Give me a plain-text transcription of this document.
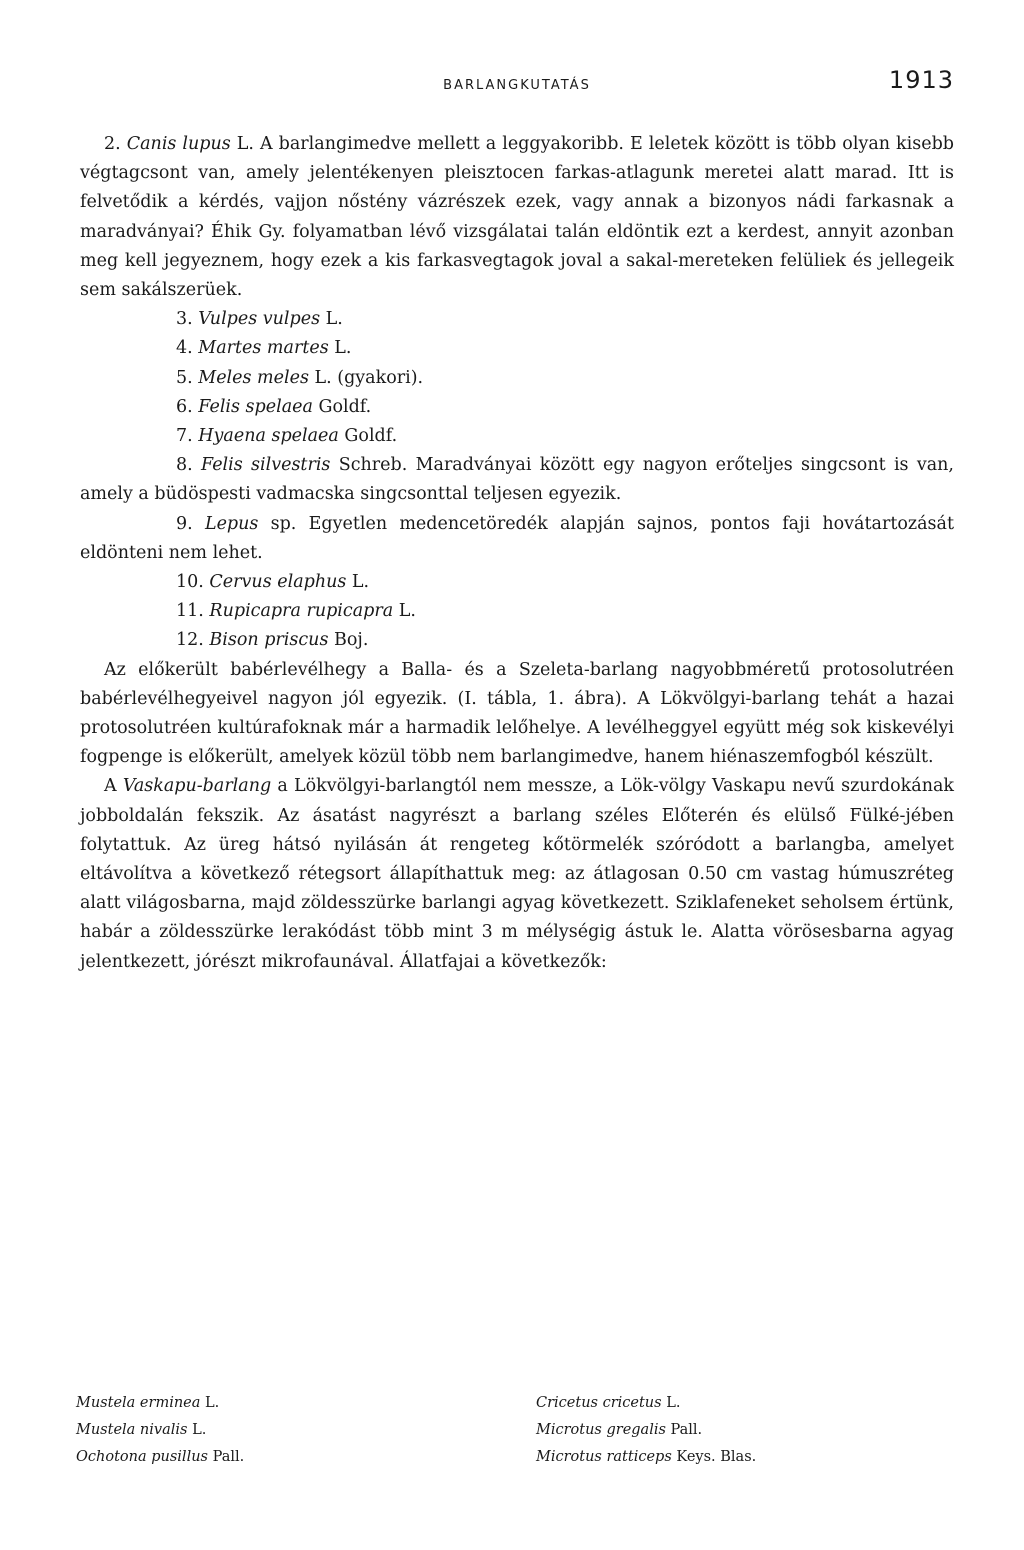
BARLANGKUTATÁS	1913

2. Canis lupus L. A barlangimedve mellett a leggyakoribb. E leletek között is több olyan kisebb végtagcsont van, amely jelentékenyen pleisztocen farkas-atlagunk meretei alatt marad. Itt is felvetődik a kérdés, vajjon nőstény vázrészek ezek, vagy annak a bizonyos nádi farkasnak a maradványai? Éhik Gy. folyamatban lévő vizsgálatai talán eldöntik ezt a kerdest, annyit azonban meg kell jegyeznem, hogy ezek a kis farkasvegtagok joval a sakal-mereteken felüliek és jellegeik sem sakálszerüek.

3. Vulpes vulpes L.

4. Martes martes L.

5. Meles meles L. (gyakori).

6. Felis spelaea Goldf.

7. Hyaena spelaea Goldf.

8. Felis silvestris Schreb. Maradványai között egy nagyon erőteljes singcsont is van, amely a büdöspesti vadmacska singcsonttal teljesen egyezik.

9. Lepus sp. Egyetlen medencetöredék alapján sajnos, pontos faji hovátartozását eldönteni nem lehet.

10. Cervus elaphus L.

11. Rupicapra rupicapra L.

12. Bison priscus Boj.

Az előkerült babérlevélhegy a Balla- és a Szeleta-barlang nagyobbméretű protosolutréen babérlevélhegyeivel nagyon jól egyezik. (I. tábla, 1. ábra). A Lökvölgyi-barlang tehát a hazai protosolutréen kultúrafoknak már a harmadik lelőhelye. A levélheggyel együtt még sok kiskevélyi fogpenge is előkerült, amelyek közül több nem barlangimedve, hanem hiénaszemfogból készült.

A Vaskapu-barlang a Lökvölgyi-barlangtól nem messze, a Lök-völgy Vaskapu nevű szurdokának jobboldalán fekszik. Az ásatást nagyrészt a barlang széles Előterén és elülső Fülké-jében folytattuk. Az üreg hátsó nyilásán át rengeteg kőtörmelék szóródott a barlangba, amelyet eltávolítva a következő rétegsort állapíthattuk meg: az átlagosan 0.50 cm vastag húmuszréteg alatt világosbarna, majd zöldesszürke barlangi agyag következett. Sziklafeneket seholsem értünk, habár a zöldesszürke lerakódást több mint 3 m mélységig ástuk le. Alatta vörösesbarna agyag jelentkezett, jórészt mikrofaunával. Állatfajai a következők:

Mustela erminea L.
Mustela nivalis L.
Ochotona pusillus Pall.
Cricetus cricetus L.
Microtus gregalis Pall.
Microtus ratticeps Keys. Blas.
